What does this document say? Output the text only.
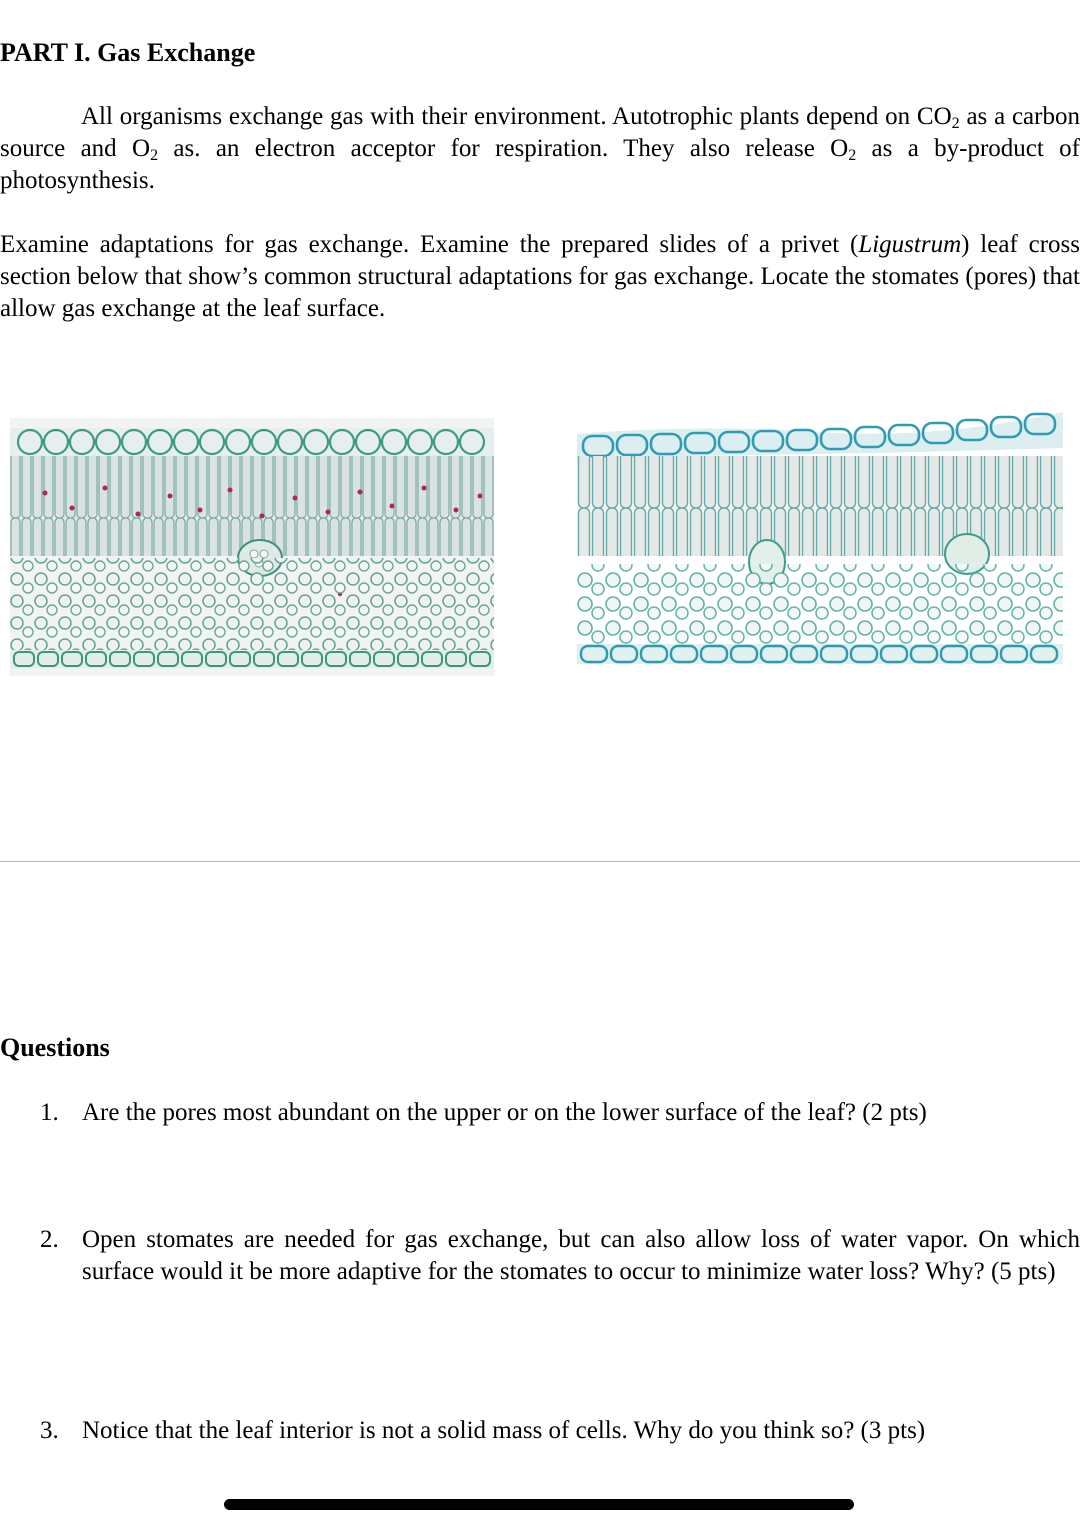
PART I. Gas Exchange

All organisms exchange gas with their environment. Autotrophic plants depend on $CO_2$ as a carbon source and $O_2$ as. an electron acceptor for respiration. They also release $O_2$ as a by-product of photosynthesis.

Examine adaptations for gas exchange. Examine the prepared slides of a privet (Ligustrum) leaf cross section below that show’s common structural adaptations for gas exchange. Locate the stomates (pores) that allow gas exchange at the leaf surface.

Questions
1. Are the pores most abundant on the upper or on the lower surface of the leaf? (2 pts)
2. Open stomates are needed for gas exchange, but can also allow loss of water vapor. On which surface would it be more adaptive for the stomates to occur to minimize water loss? Why? (5 pts)
3. Notice that the leaf interior is not a solid mass of cells. Why do you think so? (3 pts)
